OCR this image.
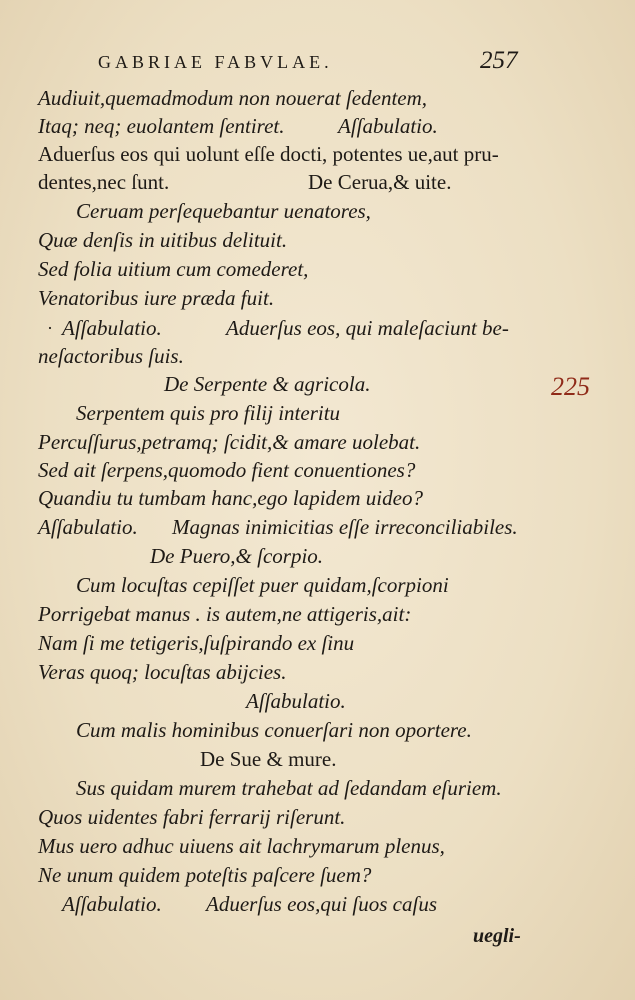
GABRIAE FABVLAE.	257
225
·
Audiuit,quemadmodum non nouerat ſedentem,
Itaq; neq; euolantem ſentiret.	Aſſabulatio.
Aduerſus eos qui uolunt eſſe docti, potentes ue,aut pru-
dentes,nec ſunt.	De Cerua,& uite.
Ceruam perſequebantur uenatores,
Quæ denſis in uitibus delituit.
Sed folia uitium cum comederet,
Venatoribus iure præda fuit.
Aſſabulatio.	Aduerſus eos, qui maleſaciunt be-
neſactoribus ſuis.
De Serpente & agricola.
Serpentem quis pro filij interitu
Percuſſurus,petramq; ſcidit,& amare uolebat.
Sed ait ſerpens,quomodo fient conuentiones?
Quandiu tu tumbam hanc,ego lapidem uideo?
Aſſabulatio. Magnas inimicitias eſſe irreconciliabiles.
De Puero,& ſcorpio.
Cum locuſtas cepiſſet puer quidam,ſcorpioni
Porrigebat manus . is autem,ne attigeris,ait:
Nam ſi me tetigeris,ſuſpirando ex ſinu
Veras quoq; locuſtas abijcies.
Aſſabulatio.
Cum malis hominibus conuerſari non oportere.
De Sue & mure.
Sus quidam murem trahebat ad ſedandam eſuriem.
Quos uidentes fabri ferrarij riſerunt.
Mus uero adhuc uiuens ait lachrymarum plenus,
Ne unum quidem poteſtis paſcere ſuem?
Aſſabulatio. Aduerſus eos,qui ſuos caſus
uegli-
